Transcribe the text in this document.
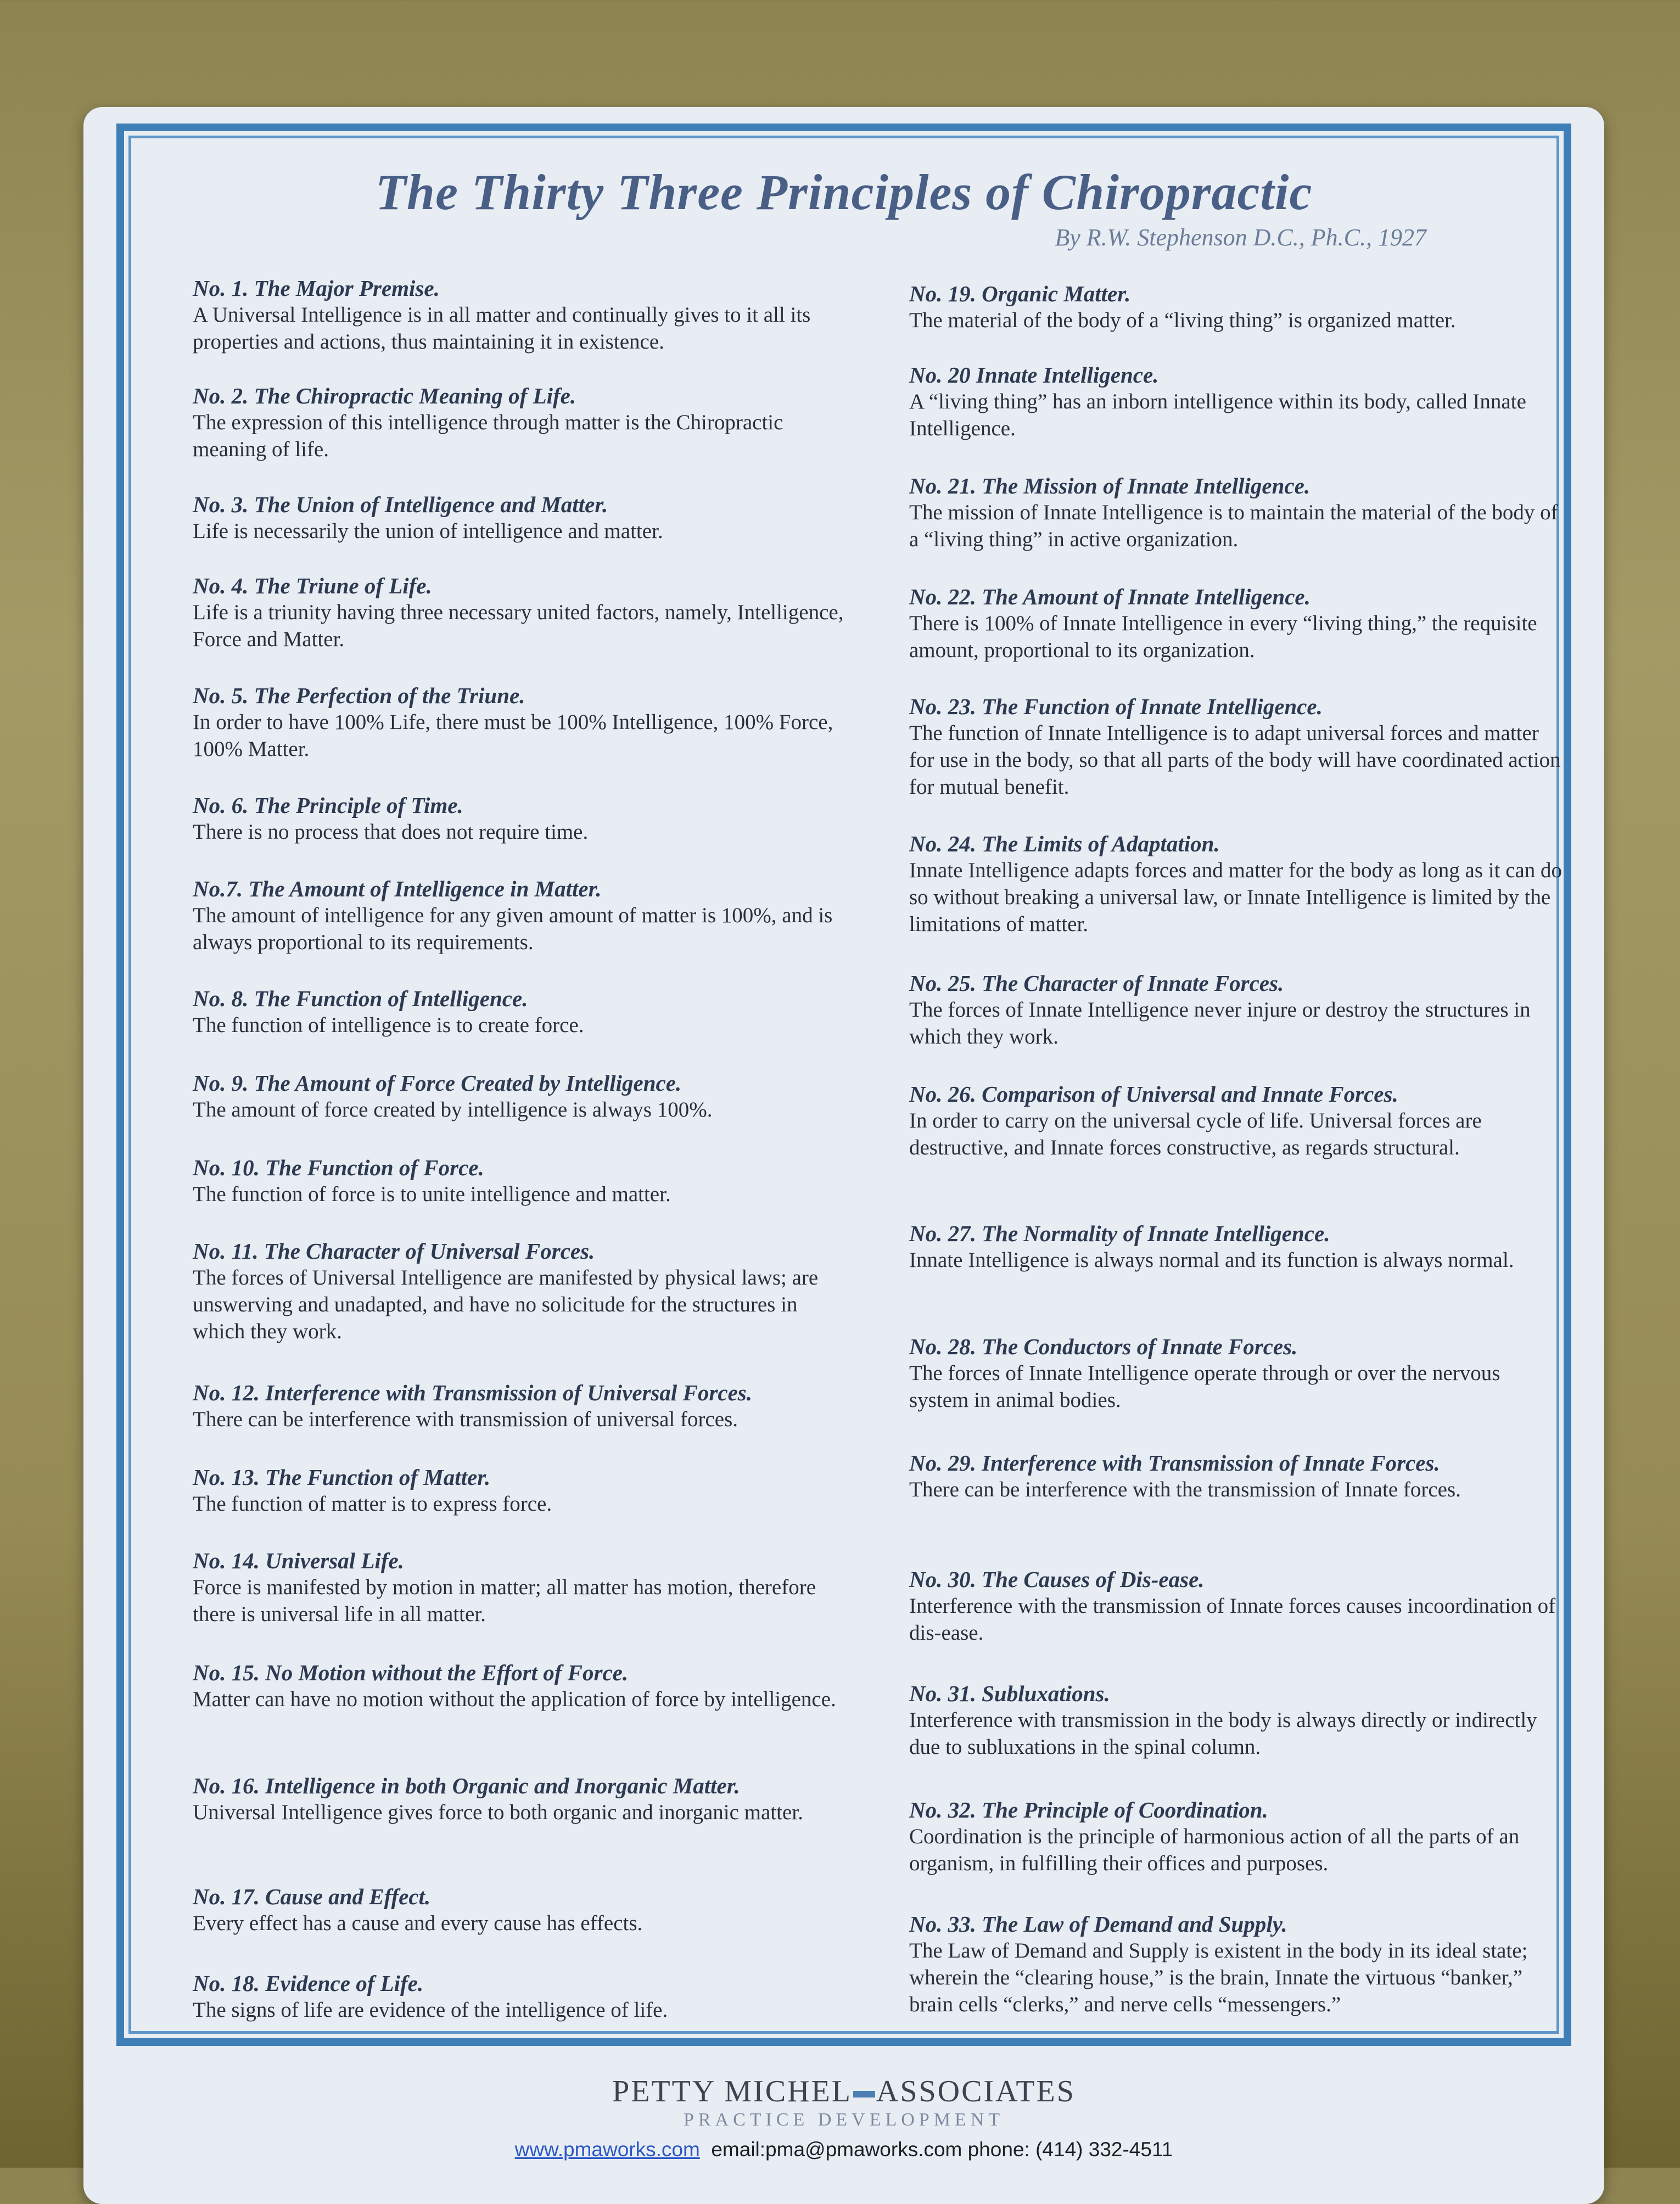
The Thirty Three Principles of Chiropractic
By R.W. Stephenson D.C., Ph.C., 1927
No. 1. The Major Premise.
A Universal Intelligence is in all matter and continually gives to it all its properties and actions, thus maintaining it in existence.
No. 2. The Chiropractic Meaning of Life.
The expression of this intelligence through matter is the Chiropractic meaning of life.
No. 3. The Union of Intelligence and Matter.
Life is necessarily the union of intelligence and matter.
No. 4. The Triune of Life.
Life is a triunity having three necessary united factors, namely, Intelligence, Force and Matter.
No. 5. The Perfection of the Triune.
In order to have 100% Life, there must be 100% Intelligence, 100% Force, 100% Matter.
No. 6. The Principle of Time.
There is no process that does not require time.
No.7. The Amount of Intelligence in Matter.
The amount of intelligence for any given amount of matter is 100%, and is always proportional to its requirements.
No. 8. The Function of Intelligence.
The function of intelligence is to create force.
No. 9. The Amount of Force Created by Intelligence.
The amount of force created by intelligence is always 100%.
No. 10. The Function of Force.
The function of force is to unite intelligence and matter.
No. 11. The Character of Universal Forces.
The forces of Universal Intelligence are manifested by physical laws; are unswerving and unadapted, and have no solicitude for the structures in which they work.
No. 12. Interference with Transmission of Universal Forces.
There can be interference with transmission of universal forces.
No. 13. The Function of Matter.
The function of matter is to express force.
No. 14. Universal Life.
Force is manifested by motion in matter; all matter has motion, therefore there is universal life in all matter.
No. 15. No Motion without the Effort of Force.
Matter can have no motion without the application of force by intelligence.
No. 16. Intelligence in both Organic and Inorganic Matter.
Universal Intelligence gives force to both organic and inorganic matter.
No. 17. Cause and Effect.
Every effect has a cause and every cause has effects.
No. 18. Evidence of Life.
The signs of life are evidence of the intelligence of life.
No. 19. Organic Matter.
The material of the body of a “living thing” is organized matter.
No. 20 Innate Intelligence.
A “living thing” has an inborn intelligence within its body, called Innate Intelligence.
No. 21. The Mission of Innate Intelligence.
The mission of Innate Intelligence is to maintain the material of the body of a “living thing” in active organization.
No. 22. The Amount of Innate Intelligence.
There is 100% of Innate Intelligence in every “living thing,” the requisite amount, proportional to its organization.
No. 23. The Function of Innate Intelligence.
The function of Innate Intelligence is to adapt universal forces and matter for use in the body, so that all parts of the body will have coordinated action for mutual benefit.
No. 24. The Limits of Adaptation.
Innate Intelligence adapts forces and matter for the body as long as it can do so without breaking a universal law, or Innate Intelligence is limited by the limitations of matter.
No. 25. The Character of Innate Forces.
The forces of Innate Intelligence never injure or destroy the structures in which they work.
No. 26. Comparison of Universal and Innate Forces.
In order to carry on the universal cycle of life. Universal forces are destructive, and Innate forces constructive, as regards structural.
No. 27. The Normality of Innate Intelligence.
Innate Intelligence is always normal and its function is always normal.
No. 28. The Conductors of Innate Forces.
The forces of Innate Intelligence operate through or over the nervous system in animal bodies.
No. 29. Interference with Transmission of Innate Forces.
There can be interference with the transmission of Innate forces.
No. 30. The Causes of Dis-ease.
Interference with the transmission of Innate forces causes incoordination of dis-ease.
No. 31. Subluxations.
Interference with transmission in the body is always directly or indirectly due to subluxations in the spinal column.
No. 32. The Principle of Coordination.
Coordination is the principle of harmonious action of all the parts of an organism, in fulfilling their offices and purposes.
No. 33. The Law of Demand and Supply.
The Law of Demand and Supply is existent in the body in its ideal state; wherein the “clearing house,” is the brain, Innate the virtuous “banker,” brain cells “clerks,” and nerve cells “messengers.”
PETTY MICHEL ASSOCIATES
PRACTICE DEVELOPMENT
www.pmaworks.com email:pma@pmaworks.com phone: (414) 332-4511
